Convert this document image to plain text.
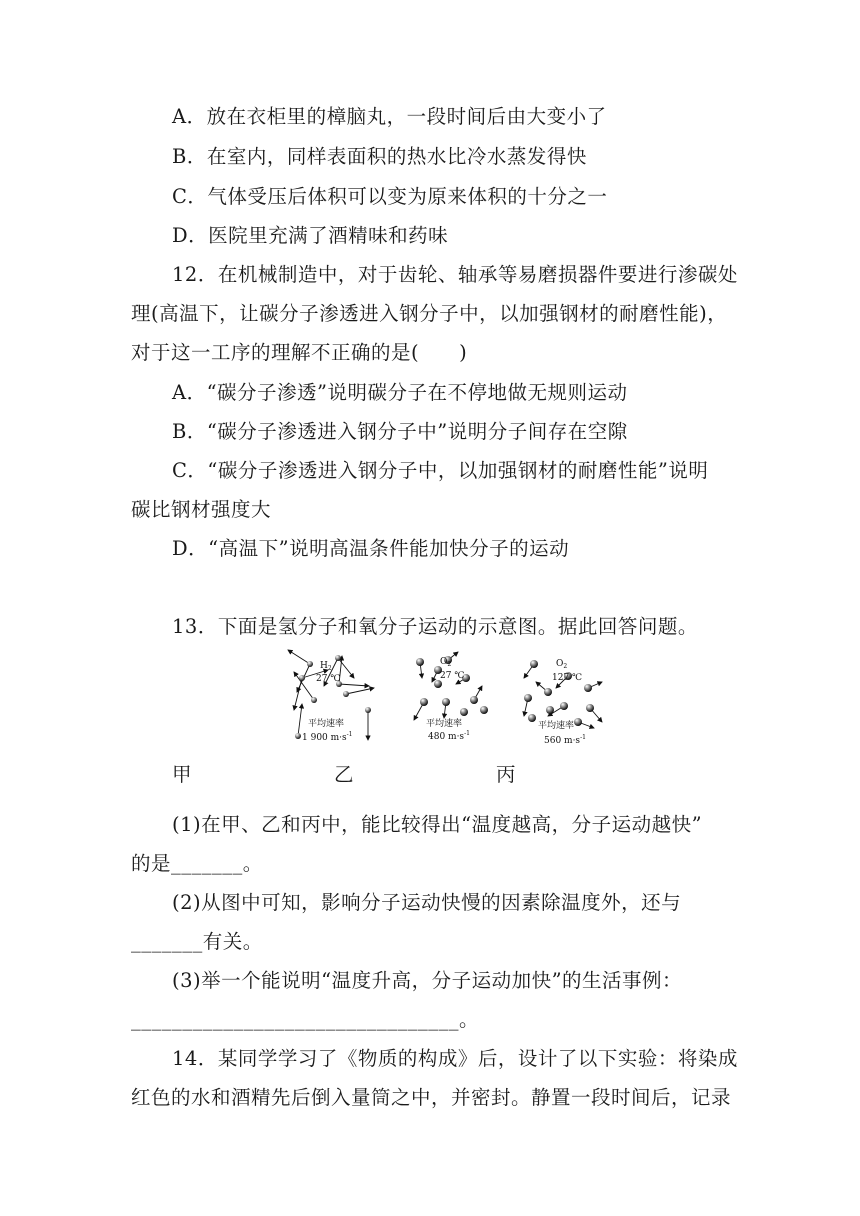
A．放在衣柜里的樟脑丸，一段时间后由大变小了
B．在室内，同样表面积的热水比冷水蒸发得快
C．气体受压后体积可以变为原来体积的十分之一
D．医院里充满了酒精味和药味
12．在机械制造中，对于齿轮、轴承等易磨损器件要进行渗碳处
理(高温下，让碳分子渗透进入钢分子中，以加强钢材的耐磨性能)，
对于这一工序的理解不正确的是(　　)
A．“碳分子渗透”说明碳分子在不停地做无规则运动
B．“碳分子渗透进入钢分子中”说明分子间存在空隙
C．“碳分子渗透进入钢分子中，以加强钢材的耐磨性能”说明
碳比钢材强度大
D．“高温下”说明高温条件能加快分子的运动
13．下面是氢分子和氧分子运动的示意图。据此回答问题。
$H_2$
27 ℃
平均速率
1 900 $m\cdot s^{-1}$
$O_2$
27 ℃
平均速率
480 $m\cdot s^{-1}$
$O_2$
127 ℃
平均速率
560 $m\cdot s^{-1}$
甲	乙	丙
(1)在甲、乙和丙中，能比较得出“温度越高，分子运动越快”
的是_______。
(2)从图中可知，影响分子运动快慢的因素除温度外，还与
_______有关。
(3)举一个能说明“温度升高，分子运动加快”的生活事例：
________________________________。
14．某同学学习了《物质的构成》后，设计了以下实验：将染成
红色的水和酒精先后倒入量筒之中，并密封。静置一段时间后，记录
